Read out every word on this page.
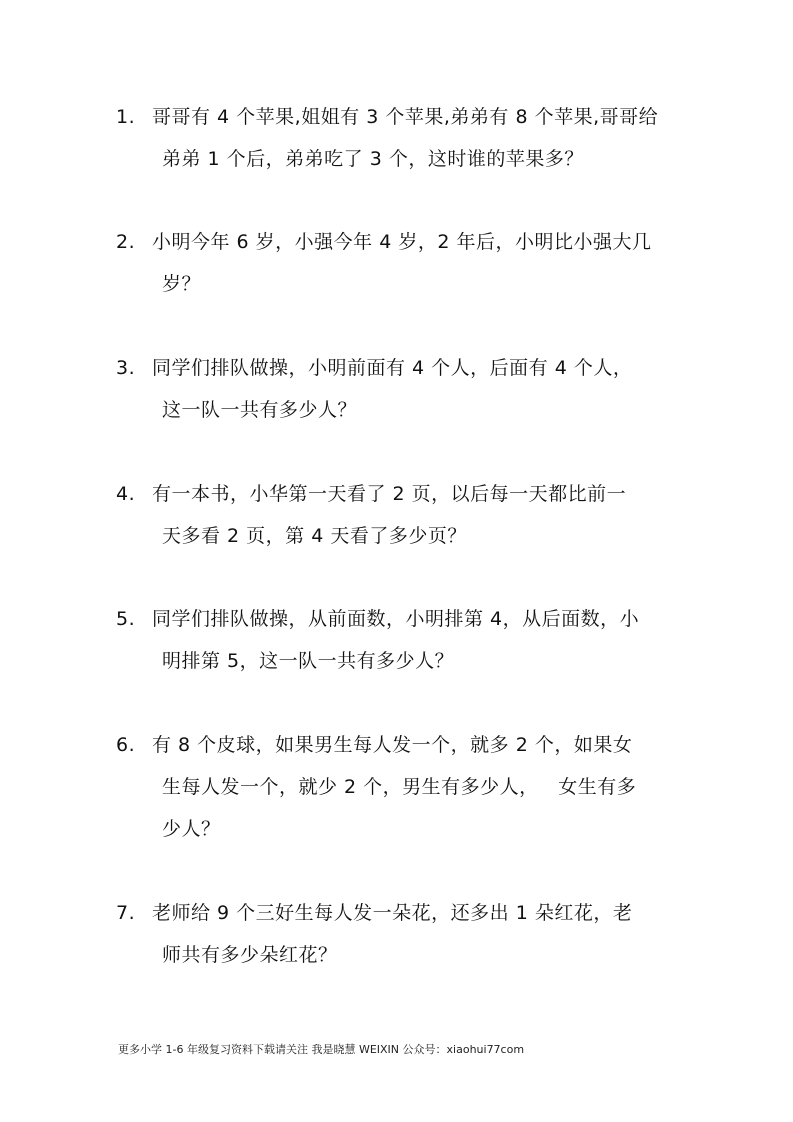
1. 哥哥有 4 个苹果,姐姐有 3 个苹果,弟弟有 8 个苹果,哥哥给
弟弟 1 个后，弟弟吃了 3 个，这时谁的苹果多？
2. 小明今年 6 岁，小强今年 4 岁，2 年后，小明比小强大几
岁？
3. 同学们排队做操，小明前面有 4 个人，后面有 4 个人，
这一队一共有多少人？
4. 有一本书，小华第一天看了 2 页，以后每一天都比前一
天多看 2 页，第 4 天看了多少页？
5. 同学们排队做操，从前面数，小明排第 4，从后面数，小
明排第 5，这一队一共有多少人？
6. 有 8 个皮球，如果男生每人发一个，就多 2 个，如果女
生每人发一个，就少 2 个，男生有多少人，   女生有多
少人？
7. 老师给 9 个三好生每人发一朵花，还多出 1 朵红花，老
师共有多少朵红花？
更多小学 1-6 年级复习资料下载请关注 我是晓慧 WEIXIN 公众号：xiaohui77com
